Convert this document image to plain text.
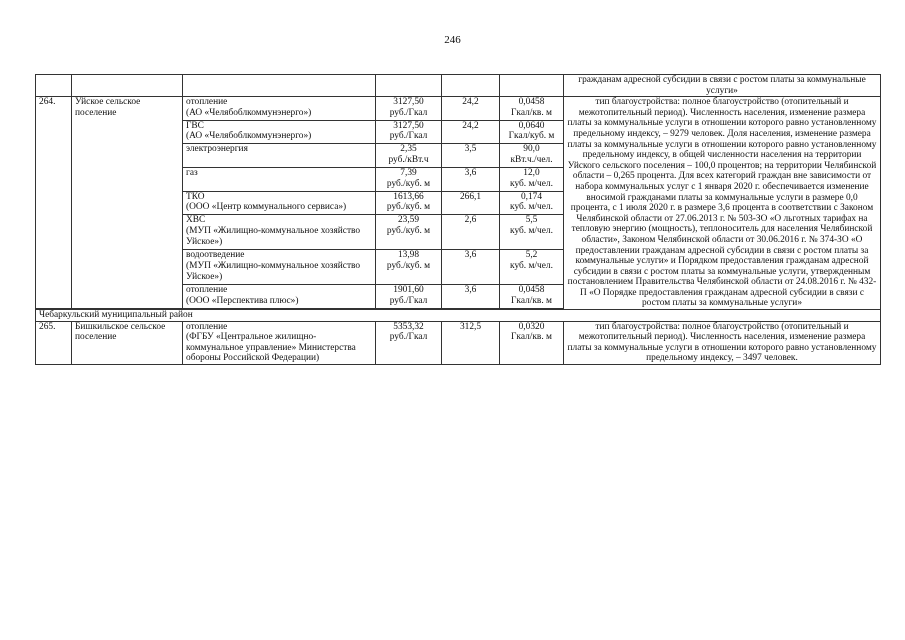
246
						гражданам адресной субсидии в связи с ростом платы за коммунальные услуги»
264.	Уйское сельское поселение	отопление
(АО «Челябоблкоммунэнерго»)	3127,50
руб./Гкал	24,2	0,0458
Гкал/кв. м	тип благоустройства: полное благоустройство (отопительный и межотопительный период). Численность населения, изменение размера платы за коммунальные услуги в отношении которого равно установленному предельному индексу, – 9279 человек. Доля населения, изменение размера платы за коммунальные услуги в отношении которого равно установленному предельному индексу, в общей численности населения на территории Уйского сельского поселения – 100,0 процентов; на территории Челябинской области – 0,265 процента. Для всех категорий граждан вне зависимости от набора коммунальных услуг с 1 января 2020 г. обеспечивается изменение вносимой гражданами платы за коммунальные услуги в размере 0,0 процента, с 1 июля 2020 г. в размере 3,6 процента в соответствии с Законом Челябинской области от 27.06.2013 г. № 503-ЗО «О льготных тарифах на тепловую энергию (мощность), теплоноситель для населения Челябинской области», Законом Челябинской области от 30.06.2016 г. № 374-ЗО «О предоставлении гражданам адресной субсидии в связи с ростом платы за коммунальные услуги» и Порядком предоставления гражданам адресной субсидии в связи с ростом платы за коммунальные услуги, утвержденным постановлением Правительства Челябинской области от 24.08.2016 г. № 432-П «О Порядке предоставления гражданам адресной субсидии в связи с ростом платы за коммунальные услуги»

		ГВС
(АО «Челябоблкоммунэнерго»)	3127,50
руб./Гкал	24,2	0,0640
Гкал/куб. м	

		электроэнергия	2,35
руб./кВт.ч	3,5	90,0
кВт.ч./чел.	

		газ	7,39
руб./куб. м	3,6	12,0
куб. м/чел.	

		ТКО
(ООО «Центр коммунального сервиса»)	1613,66
руб./куб. м	266,1	0,174
куб. м/чел.	

		ХВС
(МУП «Жилищно-коммунальное хозяйство Уйское»)	23,59
руб./куб. м	2,6	5,5
куб. м/чел.	

		водоотведение
(МУП «Жилищно-коммунальное хозяйство Уйское»)	13,98
руб./куб. м	3,6	5,2
куб. м/чел.	

		отопление
(ООО «Перспектива плюс»)	1901,60
руб./Гкал	3,6	0,0458
Гкал/кв. м	

Чебаркульский муниципальный район						
265.	Бишкильское сельское поселение	отопление
(ФГБУ «Центральное жилищно-коммунальное управление» Министерства обороны Российской Федерации)	5353,32
руб./Гкал	312,5	0,0320
Гкал/кв. м	тип благоустройства: полное благоустройство (отопительный и межотопительный период). Численность населения, изменение размера платы за коммунальные услуги в отношении которого равно установленному предельному индексу, – 3497 человек.
